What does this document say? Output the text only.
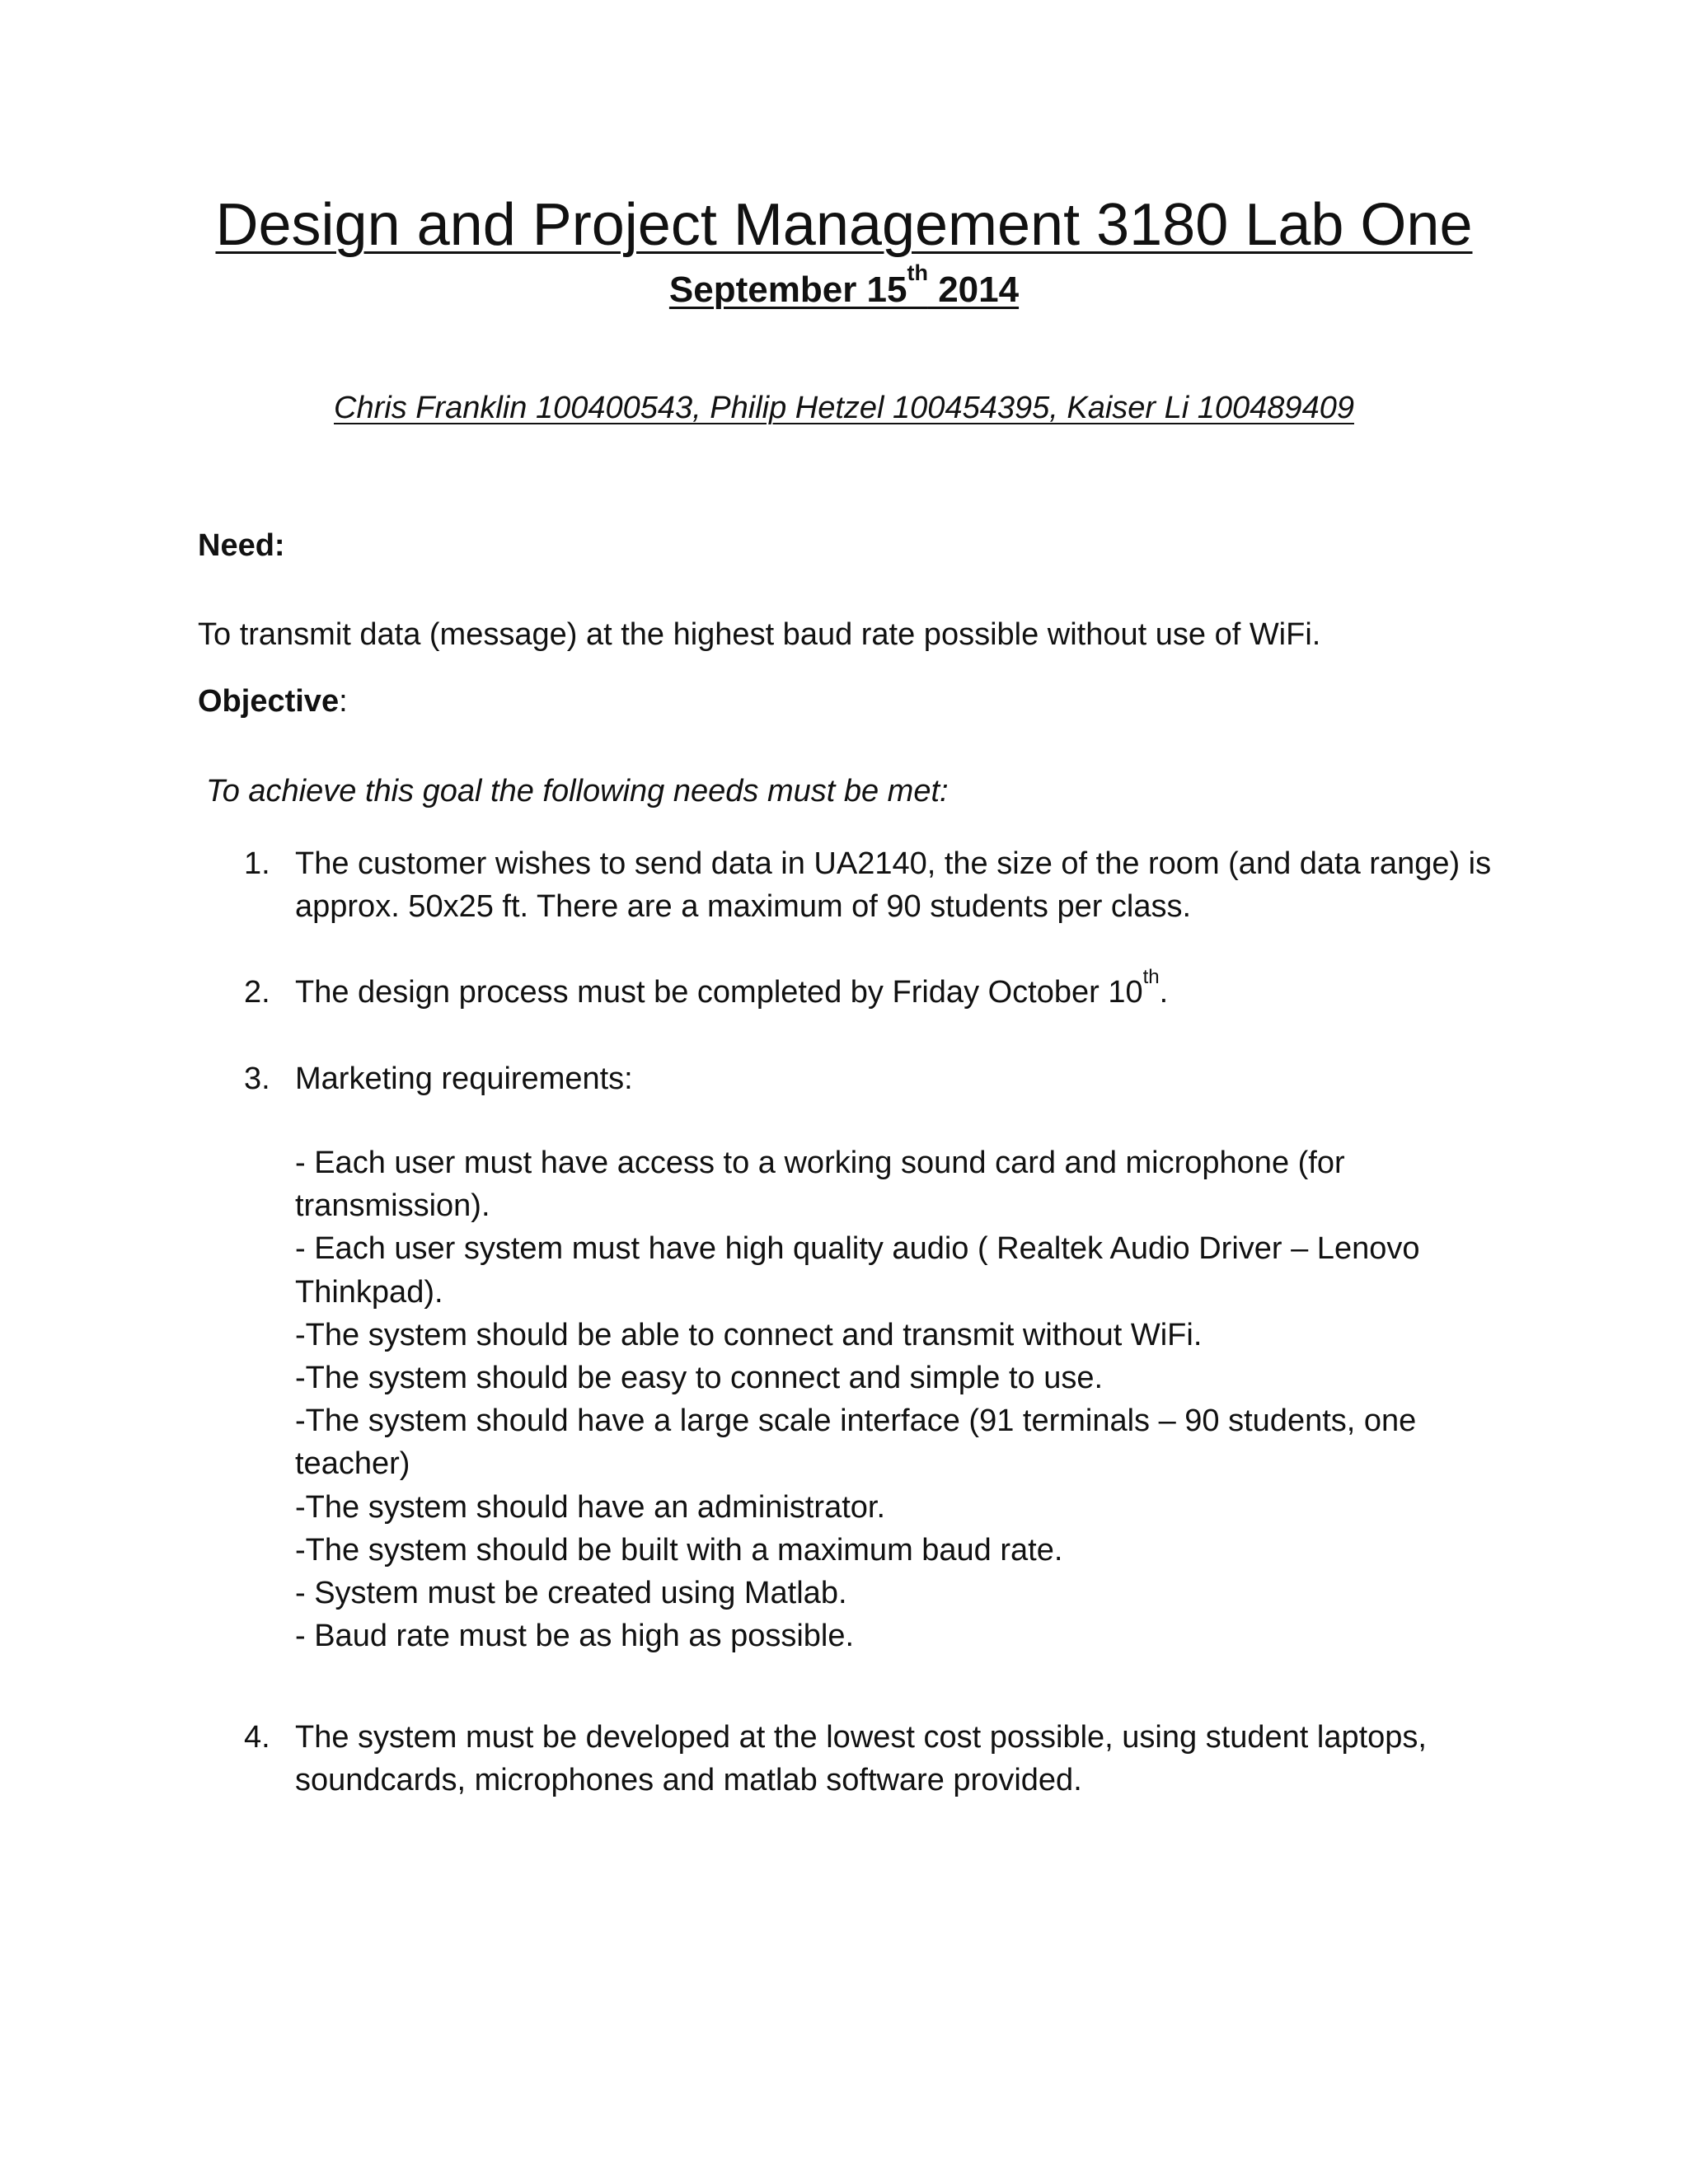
Design and Project Management 3180 Lab One
September 15th 2014
Chris Franklin 100400543, Philip Hetzel 100454395, Kaiser Li 100489409
Need:
To transmit data (message) at the highest baud rate possible without use of WiFi.
Objective:
To achieve this goal the following needs must be met:
1. The customer wishes to send data in UA2140, the size of the room (and data range) is approx. 50x25 ft. There are a maximum of 90 students per class.
2. The design process must be completed by Friday October 10th.
3. Marketing requirements:
- Each user must have access to a working sound card and microphone (for transmission).
- Each user system must have high quality audio ( Realtek Audio Driver – Lenovo Thinkpad).
-The system should be able to connect and transmit without WiFi.
-The system should be easy to connect and simple to use.
-The system should have a large scale interface (91 terminals – 90 students, one teacher)
-The system should have an administrator.
-The system should be built with a maximum baud rate.
- System must be created using Matlab.
- Baud rate must be as high as possible.
4. The system must be developed at the lowest cost possible, using student laptops, soundcards, microphones and matlab software provided.
